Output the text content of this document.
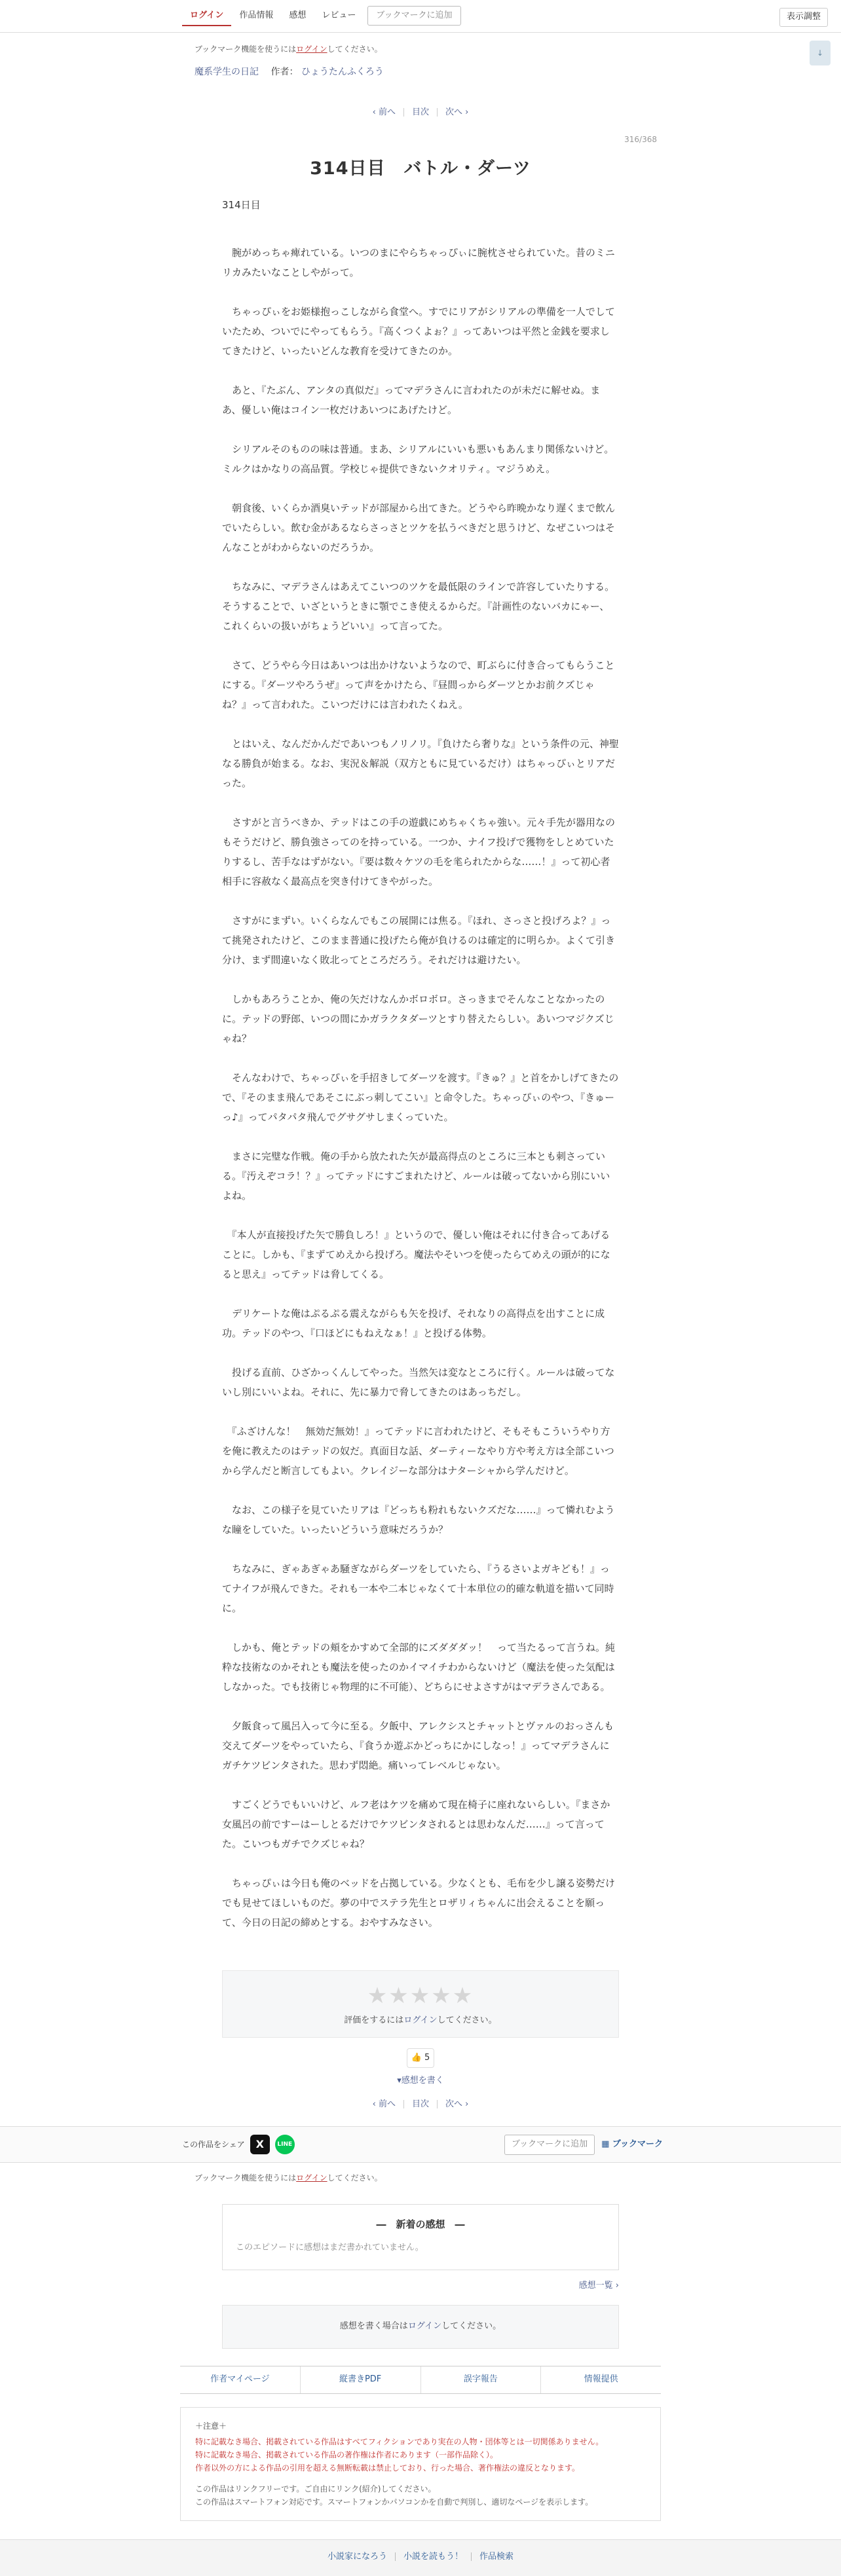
ログイン	作品情報	感想	レビュー	ブックマークに追加	表示調整
↓
ブックマーク機能を使うにはログインしてください。
魔系学生の日記 作者： ひょうたんふくろう
‹ 前へ 目次 次へ ›
316/368
314日目　バトル・ダーツ
314日目

　腕がめっちゃ痺れている。いつのまにやらちゃっぴぃに腕枕させられていた。昔のミニリカみたいなことしやがって。

　ちゃっぴぃをお姫様抱っこしながら食堂へ。すでにリアがシリアルの準備を一人でしていたため、ついでにやってもらう。『高くつくよぉ？』ってあいつは平然と金銭を要求してきたけど、いったいどんな教育を受けてきたのか。

　あと、『たぶん、アンタの真似だ』ってマデラさんに言われたのが未だに解せぬ。まあ、優しい俺はコイン一枚だけあいつにあげたけど。

　シリアルそのものの味は普通。まあ、シリアルにいいも悪いもあんまり関係ないけど。ミルクはかなりの高品質。学校じゃ提供できないクオリティ。マジうめえ。

　朝食後、いくらか酒臭いテッドが部屋から出てきた。どうやら昨晩かなり遅くまで飲んでいたらしい。飲む金があるならさっさとツケを払うべきだと思うけど、なぜこいつはそんなことがわからないのだろうか。

　ちなみに、マデラさんはあえてこいつのツケを最低限のラインで許容していたりする。そうすることで、いざというときに顎でこき使えるからだ。『計画性のないバカにゃー、これくらいの扱いがちょうどいい』って言ってた。

　さて、どうやら今日はあいつは出かけないようなので、町ぶらに付き合ってもらうことにする。『ダーツやろうぜ』って声をかけたら、『昼間っからダーツとかお前クズじゃね？』って言われた。こいつだけには言われたくねえ。

　とはいえ、なんだかんだであいつもノリノリ。『負けたら奢りな』という条件の元、神聖なる勝負が始まる。なお、実況＆解説（双方ともに見ているだけ）はちゃっぴぃとリアだった。

　さすがと言うべきか、テッドはこの手の遊戯にめちゃくちゃ強い。元々手先が器用なのもそうだけど、勝負強さってのを持っている。一つか、ナイフ投げで獲物をしとめていたりするし、苦手なはずがない。『要は数々ケツの毛を毟られたからな……！』って初心者相手に容赦なく最高点を突き付けてきやがった。

　さすがにまずい。いくらなんでもこの展開には焦る。『ほれ、さっさと投げろよ？』って挑発されたけど、このまま普通に投げたら俺が負けるのは確定的に明らか。よくて引き分け、まず間違いなく敗北ってところだろう。それだけは避けたい。

　しかもあろうことか、俺の矢だけなんかボロボロ。さっきまでそんなことなかったのに。テッドの野郎、いつの間にかガラクタダーツとすり替えたらしい。あいつマジクズじゃね？

　そんなわけで、ちゃっぴぃを手招きしてダーツを渡す。『きゅ？』と首をかしげてきたので、『そのまま飛んであそこにぶっ刺してこい』と命令した。ちゃっぴぃのやつ、『きゅーっ♪』ってパタパタ飛んでグサグサしまくっていた。

　まさに完璧な作戦。俺の手から放たれた矢が最高得点のところに三本とも刺さっている。『汚えぞコラ！？』ってテッドにすごまれたけど、ルールは破ってないから別にいいよね。

　『本人が直接投げた矢で勝負しろ！』というので、優しい俺はそれに付き合ってあげることに。しかも、『まずてめえから投げろ。魔法やそいつを使ったらてめえの頭が的になると思え』ってテッドは脅してくる。

　デリケートな俺はぷるぷる震えながらも矢を投げ、それなりの高得点を出すことに成功。テッドのやつ、『口ほどにもねえなぁ！』と投げる体勢。

　投げる直前、ひざかっくんしてやった。当然矢は変なところに行く。ルールは破ってないし別にいいよね。それに、先に暴力で脅してきたのはあっちだし。

　『ふざけんな！　無効だ無効！』ってテッドに言われたけど、そもそもこういうやり方を俺に教えたのはテッドの奴だ。真面目な話、ダーティーなやり方や考え方は全部こいつから学んだと断言してもよい。クレイジーな部分はナターシャから学んだけど。

　なお、この様子を見ていたリアは『どっちも粉れもないクズだな……』って憐れむような瞳をしていた。いったいどういう意味だろうか？

　ちなみに、ぎゃあぎゃあ騒ぎながらダーツをしていたら、『うるさいよガキども！』ってナイフが飛んできた。それも一本や二本じゃなくて十本単位の的確な軌道を描いて同時に。

　しかも、俺とテッドの頬をかすめて全部的にズダダダッ！　って当たるって言うね。純粋な技術なのかそれとも魔法を使ったのかイマイチわからないけど（魔法を使った気配はしなかった。でも技術じゃ物理的に不可能）、どちらにせよさすがはマデラさんである。

　夕飯食って風呂入って今に至る。夕飯中、アレクシスとチャットとヴァルのおっさんも交えてダーツをやっていたら、『食うか遊ぶかどっちにかにしなっ！』ってマデラさんにガチケツビンタされた。思わず悶絶。痛いってレベルじゃない。

　すごくどうでもいいけど、ルフ老はケツを痛めて現在椅子に座れないらしい。『まさか女風呂の前ですーはーしとるだけでケツビンタされるとは思わなんだ……』って言ってた。こいつもガチでクズじゃね？

　ちゃっぴぃは今日も俺のベッドを占拠している。少なくとも、毛布を少し譲る姿勢だけでも見せてほしいものだ。夢の中でステラ先生とロザリィちゃんに出会えることを願って、今日の日記の締めとする。おやすみなさい。

★★★★★
評価をするにはログインしてください。
👍 5
▾感想を書く
‹ 前へ 目次 次へ ›
この作品をシェア	X	LINE	ブックマークに追加	▦ ブックマーク
ブックマーク機能を使うにはログインしてください。
―　新着の感想　―
このエピソードに感想はまだ書かれていません。
感想一覧 ›
感想を書く場合はログインしてください。
作者マイページ	縦書きPDF	誤字報告	情報提供
＋注意＋
特に記載なき場合、掲載されている作品はすべてフィクションであり実在の人物・団体等とは一切関係ありません。
特に記載なき場合、掲載されている作品の著作権は作者にあります（一部作品除く）。
作者以外の方による作品の引用を超える無断転載は禁止しており、行った場合、著作権法の違反となります。
この作品はリンクフリーです。ご自由にリンク(紹介)してください。
この作品はスマートフォン対応です。スマートフォンかパソコンかを自動で判別し、適切なページを表示します。
小説家になろう 小説を読もう！ 作品検索
